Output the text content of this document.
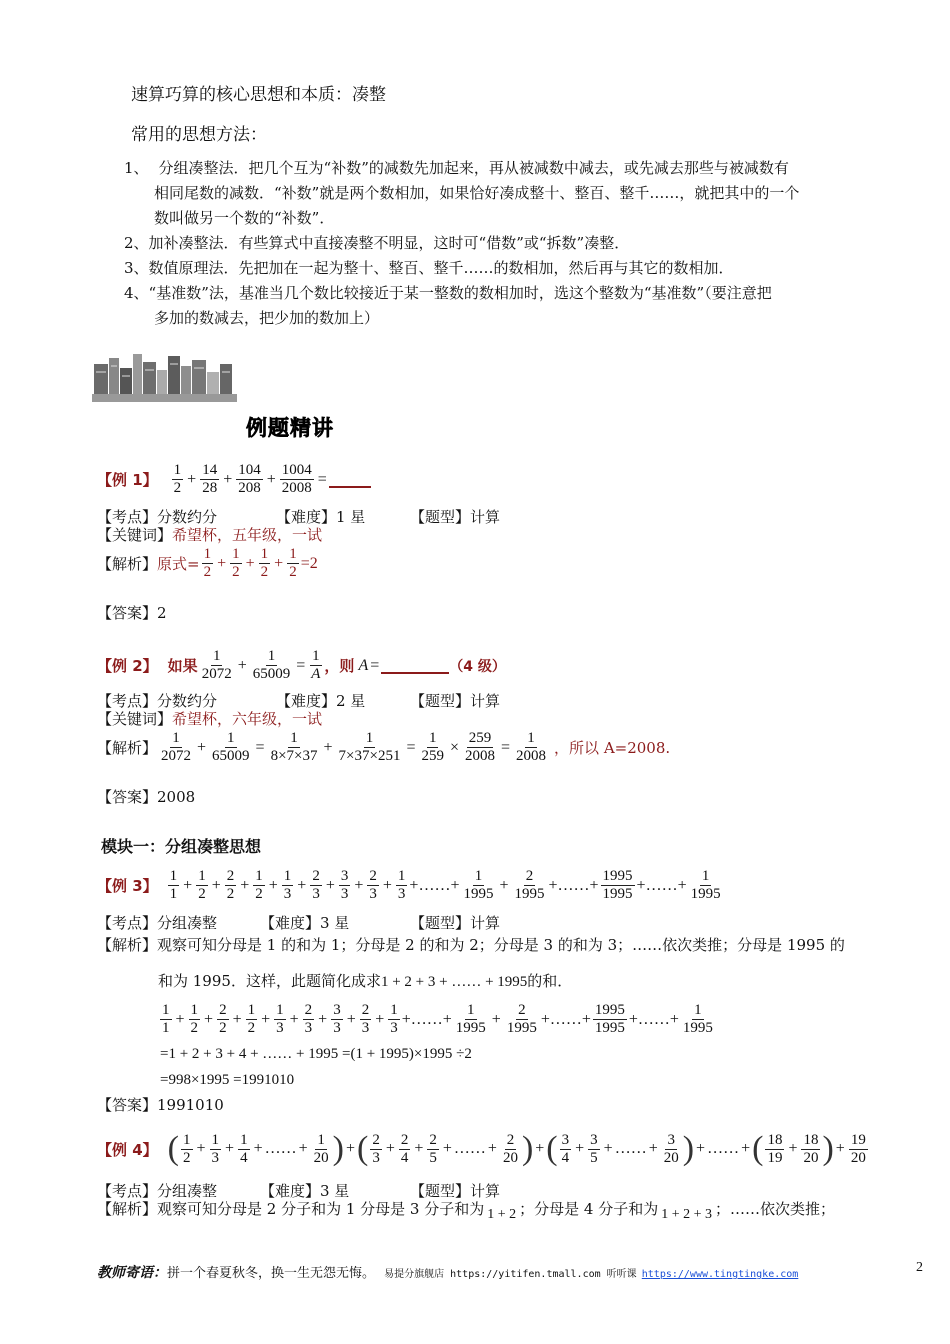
速算巧算的核心思想和本质：凑整
常用的思想方法：
1、 分组凑整法．把几个互为“补数”的减数先加起来，再从被减数中减去，或先减去那些与被减数有
相同尾数的减数．“补数”就是两个数相加，如果恰好凑成整十、整百、整千……，就把其中的一个
数叫做另一个数的“补数”．
2、加补凑整法．有些算式中直接凑整不明显，这时可“借数”或“拆数”凑整．
3、数值原理法．先把加在一起为整十、整百、整千……的数相加，然后再与其它的数相加．
4、“基准数”法，基准当几个数比较接近于某一整数的数相加时，选这个整数为“基准数”（要注意把
多加的数减去，把少加的数加上）
例题精讲
【例 1】 $\frac{1}{2} + \frac{14}{28} + \frac{104}{208} + \frac{1004}{2008}$ =
【考点】分数约分	【难度】1 星	【题型】计算
【关键词】希望杯，五年级，一试
【解析】 原式= $\frac{1}{2} + \frac{1}{2} + \frac{1}{2} + \frac{1}{2} =2$
【答案】2
【例 2】 如果 $\frac{1}{2072} + \frac{1}{65009} = \frac{1}{A}$ ，则 A =	（4 级）
【考点】分数约分	【难度】2 星	【题型】计算
【关键词】希望杯，六年级，一试
【解析】 $\frac{1}{2072} + \frac{1}{65009} = \frac{1}{8\times 7\times 37} + \frac{1}{7\times 37\times 251} = \frac{1}{259} \times \frac{259}{2008} = \frac{1}{2008}$ ，所以 A=2008.
【答案】2008
模块一：分组凑整思想
【例 3】 $\frac{1}{1} + \frac{1}{2} + \frac{2}{2} + \frac{1}{2} + \frac{1}{3} + \frac{2}{3} + \frac{3}{3} + \frac{2}{3} + \frac{1}{3}$ +……+ $\frac{1}{1995} + \frac{2}{1995}$ +……+ $\frac{1995}{1995}$ +……+ $\frac{1}{1995}$
【考点】分组凑整	【难度】3 星	【题型】计算
【解析】观察可知分母是 1 的和为 1；分母是 2 的和为 2；分母是 3 的和为 3；……依次类推；分母是 1995 的
和为 1995．这样，此题简化成求1 + 2 + 3 + …… + 1995的和．
$\frac{1}{1} + \frac{1}{2} + \frac{2}{2} + \frac{1}{2} + \frac{1}{3} + \frac{2}{3} + \frac{3}{3} + \frac{2}{3} + \frac{1}{3}$ +……+ $\frac{1}{1995} + \frac{2}{1995}$ +……+ $\frac{1995}{1995}$ +……+ $\frac{1}{1995}$
=1 + 2 + 3 + 4 + …… + 1995 =(1 + 1995)×1995 ÷2
=998×1995 =1991010
【答案】1991010
【例 4】 ( $\frac{1}{2} + \frac{1}{3} + \frac{1}{4}$ + …… + $\frac{1}{20}$ ) + ( $\frac{2}{3} + \frac{2}{4} + \frac{2}{5}$ + …… + $\frac{2}{20}$ ) + ( $\frac{3}{4} + \frac{3}{5}$ + …… + $\frac{3}{20}$ ) + …… + ( $\frac{18}{19} + \frac{18}{20}$ ) + $\frac{19}{20}$
【考点】分组凑整	【难度】3 星	【题型】计算
【解析】观察可知分母是 2 分子和为 1 分母是 3 分子和为 1 + 2 ；分母是 4 分子和为 1 + 2 + 3 ；……依次类推；
教师寄语：拼一个春夏秋冬，换一生无怨无悔。 易提分旗舰店 https://yitifen.tmall.com 听听课 https://www.tingtingke.com	2
